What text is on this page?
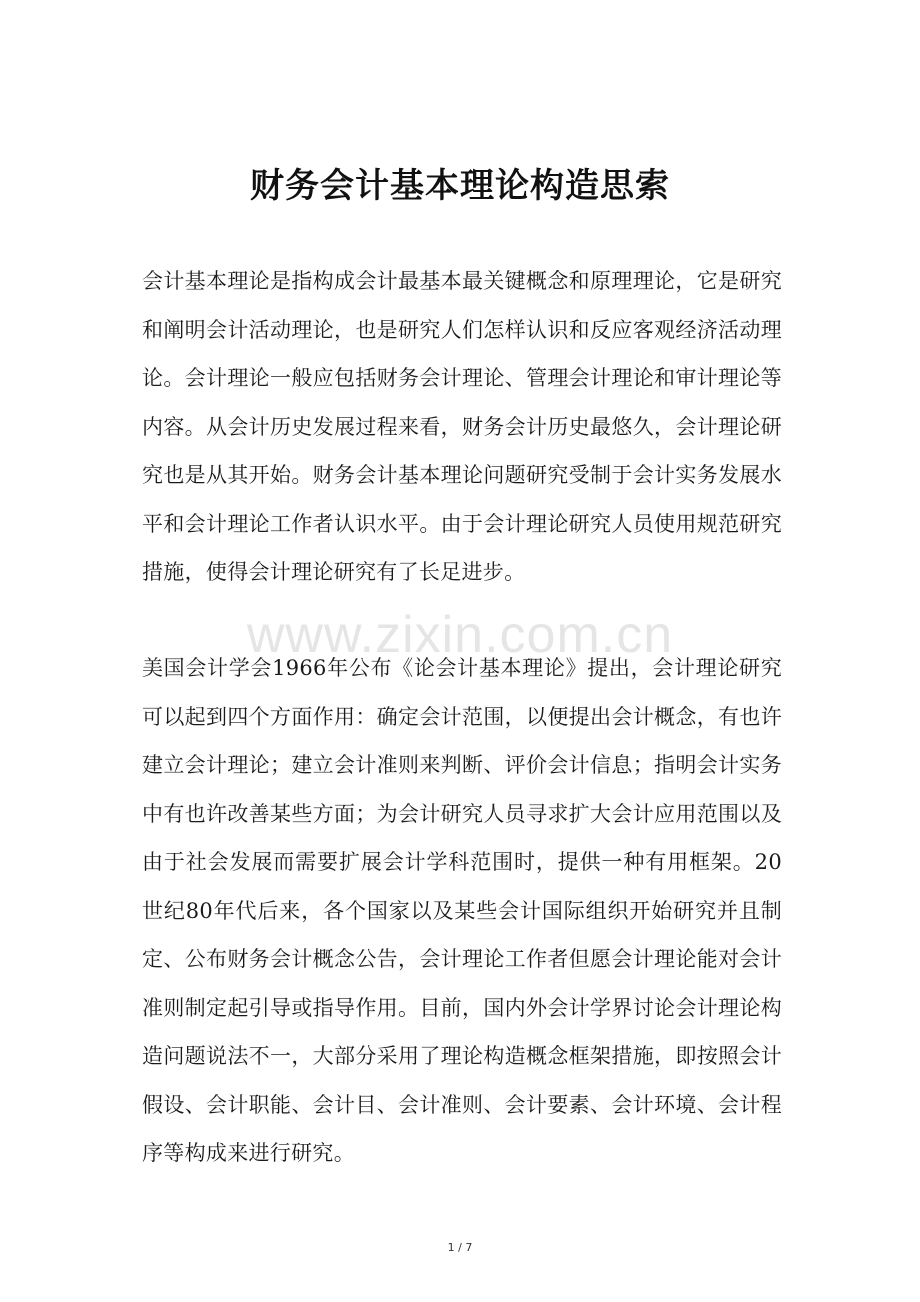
财务会计基本理论构造思索

会计基本理论是指构成会计最基本最关键概念和原理理论，它是研究和阐明会计活动理论，也是研究人们怎样认识和反应客观经济活动理论。会计理论一般应包括财务会计理论、管理会计理论和审计理论等内容。从会计历史发展过程来看，财务会计历史最悠久，会计理论研究也是从其开始。财务会计基本理论问题研究受制于会计实务发展水平和会计理论工作者认识水平。由于会计理论研究人员使用规范研究措施，使得会计理论研究有了长足进步。

www.zixin.com.cn

美国会计学会1966年公布《论会计基本理论》提出，会计理论研究可以起到四个方面作用：确定会计范围，以便提出会计概念，有也许建立会计理论；建立会计准则来判断、评价会计信息；指明会计实务中有也许改善某些方面；为会计研究人员寻求扩大会计应用范围以及由于社会发展而需要扩展会计学科范围时，提供一种有用框架。20世纪80年代后来，各个国家以及某些会计国际组织开始研究并且制定、公布财务会计概念公告，会计理论工作者但愿会计理论能对会计准则制定起引导或指导作用。目前，国内外会计学界讨论会计理论构造问题说法不一，大部分采用了理论构造概念框架措施，即按照会计假设、会计职能、会计目、会计准则、会计要素、会计环境、会计程序等构成来进行研究。

1 / 7
